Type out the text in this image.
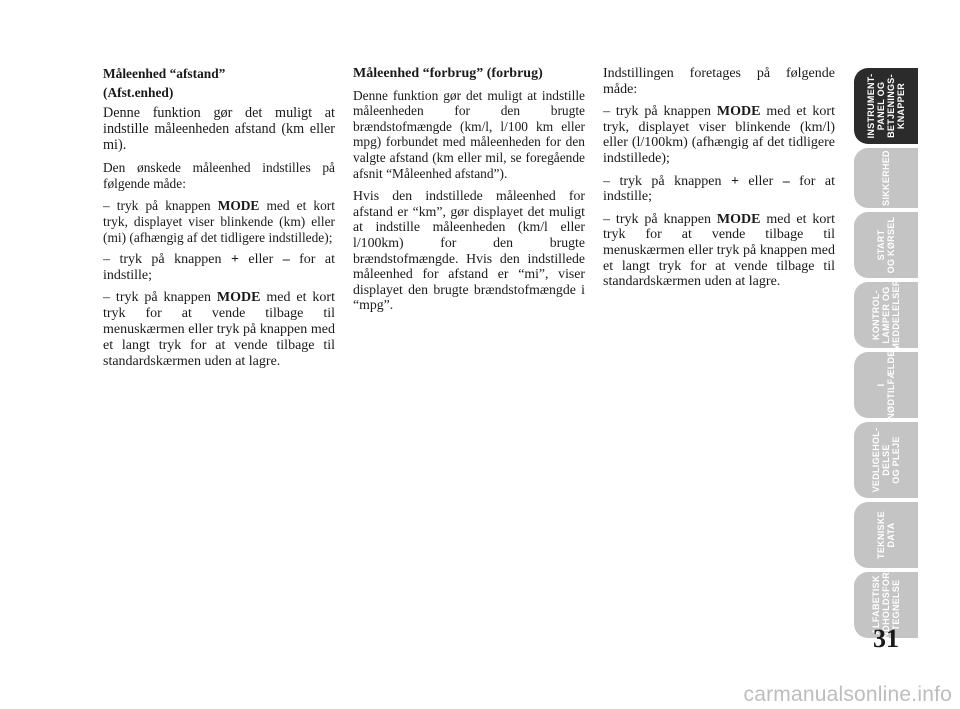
Måleenhed “afstand”
(Afst.enhed)

Denne funktion gør det muligt at indstille måleenheden afstand (km eller mi).

Den ønskede måleenhed indstilles på følgende måde:

– tryk på knappen MODE med et kort tryk, displayet viser blinkende (km) eller (mi) (afhængig af det tidligere indstillede);

– tryk på knappen + eller – for at indstille;

– tryk på knappen MODE med et kort tryk for at vende tilbage til menuskærmen eller tryk på knappen med et langt tryk for at vende tilbage til standardskærmen uden at lagre.

Måleenhed “forbrug” (forbrug)

Denne funktion gør det muligt at indstille måleenheden for den brugte brændstofmængde (km/l, l/100 km eller mpg) forbundet med måleenheden for den valgte afstand (km eller mil, se foregående afsnit “Måleenhed afstand”).

Hvis den indstillede måleenhed for afstand er “km”, gør displayet det muligt at indstille måleenheden (km/l eller l/100km) for den brugte brændstofmængde. Hvis den indstillede måleenhed for afstand er “mi”, viser displayet den brugte brændstofmængde i “mpg”.

Indstillingen foretages på følgende måde:

– tryk på knappen MODE med et kort tryk, displayet viser blinkende (km/l) eller (l/100km) (afhængig af det tidligere indstillede);

– tryk på knappen + eller – for at indstille;

– tryk på knappen MODE med et kort tryk for at vende tilbage til menuskærmen eller tryk på knappen med et langt tryk for at vende tilbage til standardskærmen uden at lagre.

INSTRUMENT-
PANEL OG
BETJENINGS-
KNAPPER
SIKKERHED
START
OG KØRSEL
KONTROL-
LAMPER OG
MEDDELELSER
I
NØDTILFÆLDE
VEDLIGEHOL-
DELSE
OG PLEJE
TEKNISKE
DATA
ALFABETISK
INDHOLDSFOR-
TEGNELSE
31
carmanualsonline.info
